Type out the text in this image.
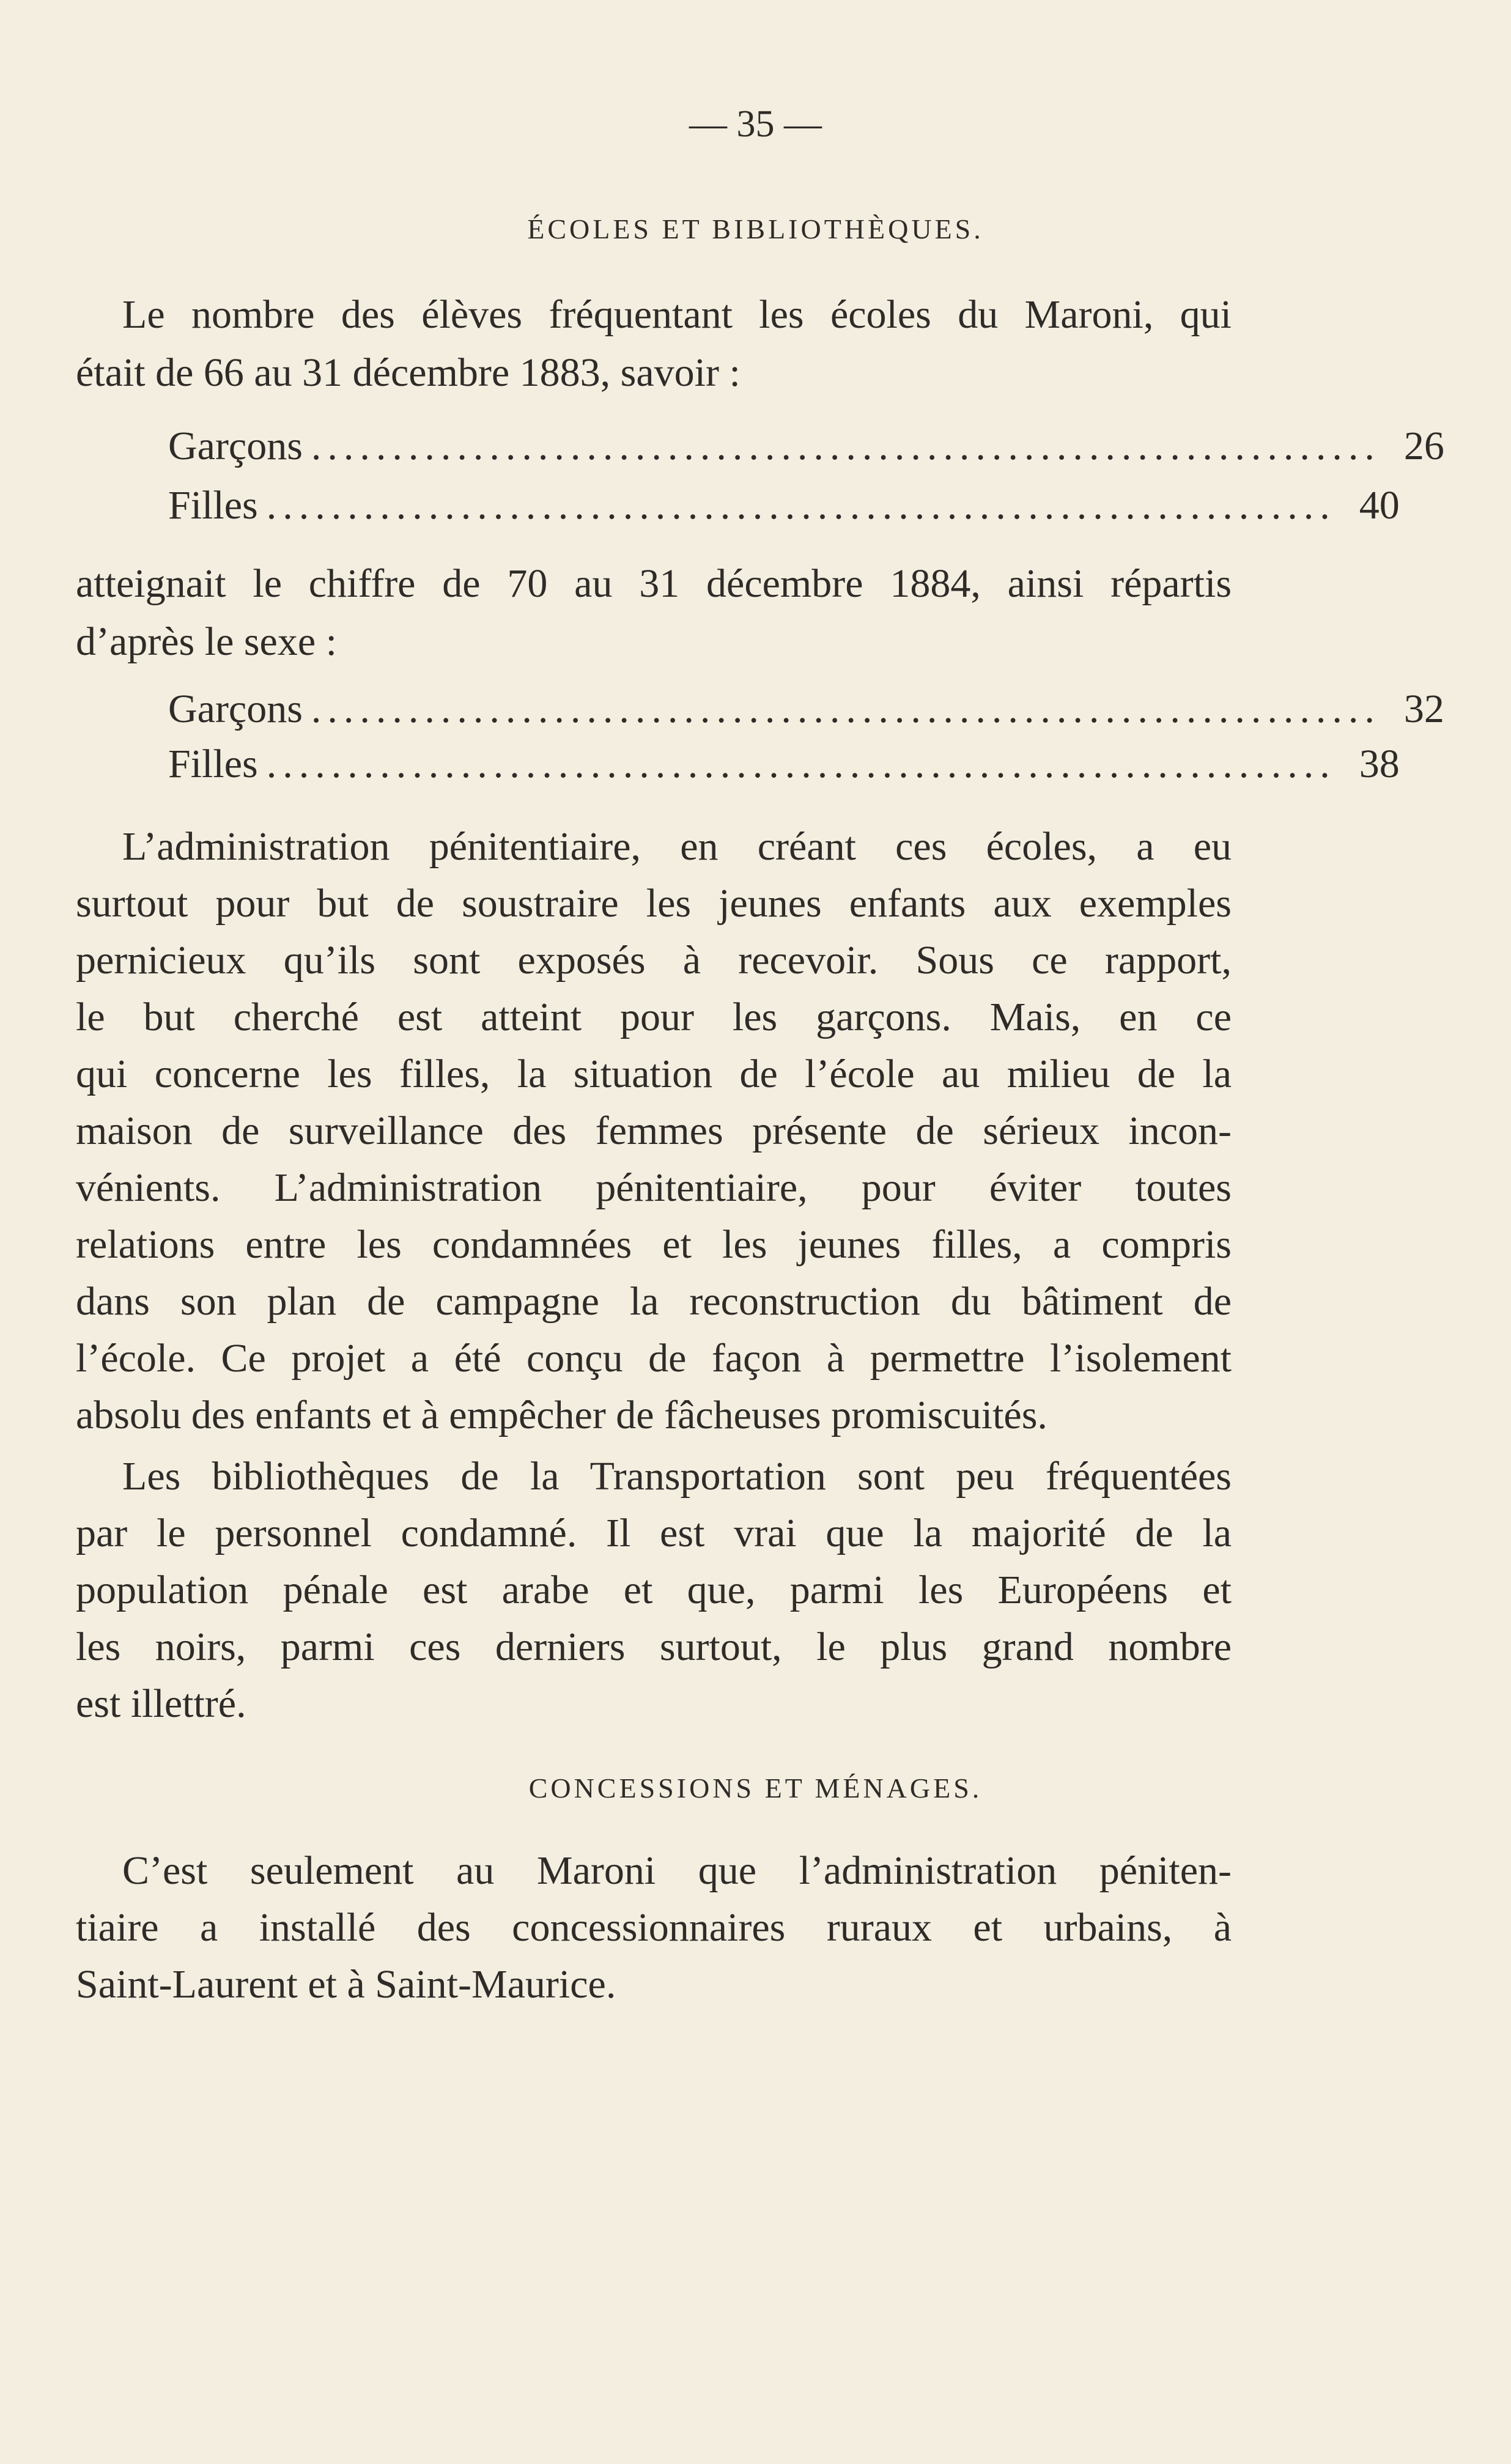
— 35 —
ÉCOLES ET BIBLIOTHÈQUES.
Le nombre des élèves fréquentant les écoles du Maroni, qui
était de 66 au 31 décembre 1883, savoir :
Garçons .................................................................. 26
Filles .................................................................. 40
atteignait le chiffre de 70 au 31 décembre 1884, ainsi répartis
d’après le sexe :
Garçons .................................................................. 32
Filles .................................................................. 38
L’administration pénitentiaire, en créant ces écoles, a eu
surtout pour but de soustraire les jeunes enfants aux exemples
pernicieux qu’ils sont exposés à recevoir. Sous ce rapport,
le but cherché est atteint pour les garçons. Mais, en ce
qui concerne les filles, la situation de l’école au milieu de la
maison de surveillance des femmes présente de sérieux incon-
vénients. L’administration pénitentiaire, pour éviter toutes
relations entre les condamnées et les jeunes filles, a compris
dans son plan de campagne la reconstruction du bâtiment de
l’école. Ce projet a été conçu de façon à permettre l’isolement
absolu des enfants et à empêcher de fâcheuses promiscuités.
Les bibliothèques de la Transportation sont peu fréquentées
par le personnel condamné. Il est vrai que la majorité de la
population pénale est arabe et que, parmi les Européens et
les noirs, parmi ces derniers surtout, le plus grand nombre
est illettré.
CONCESSIONS ET MÉNAGES.
C’est seulement au Maroni que l’administration péniten-
tiaire a installé des concessionnaires ruraux et urbains, à
Saint-Laurent et à Saint-Maurice.
